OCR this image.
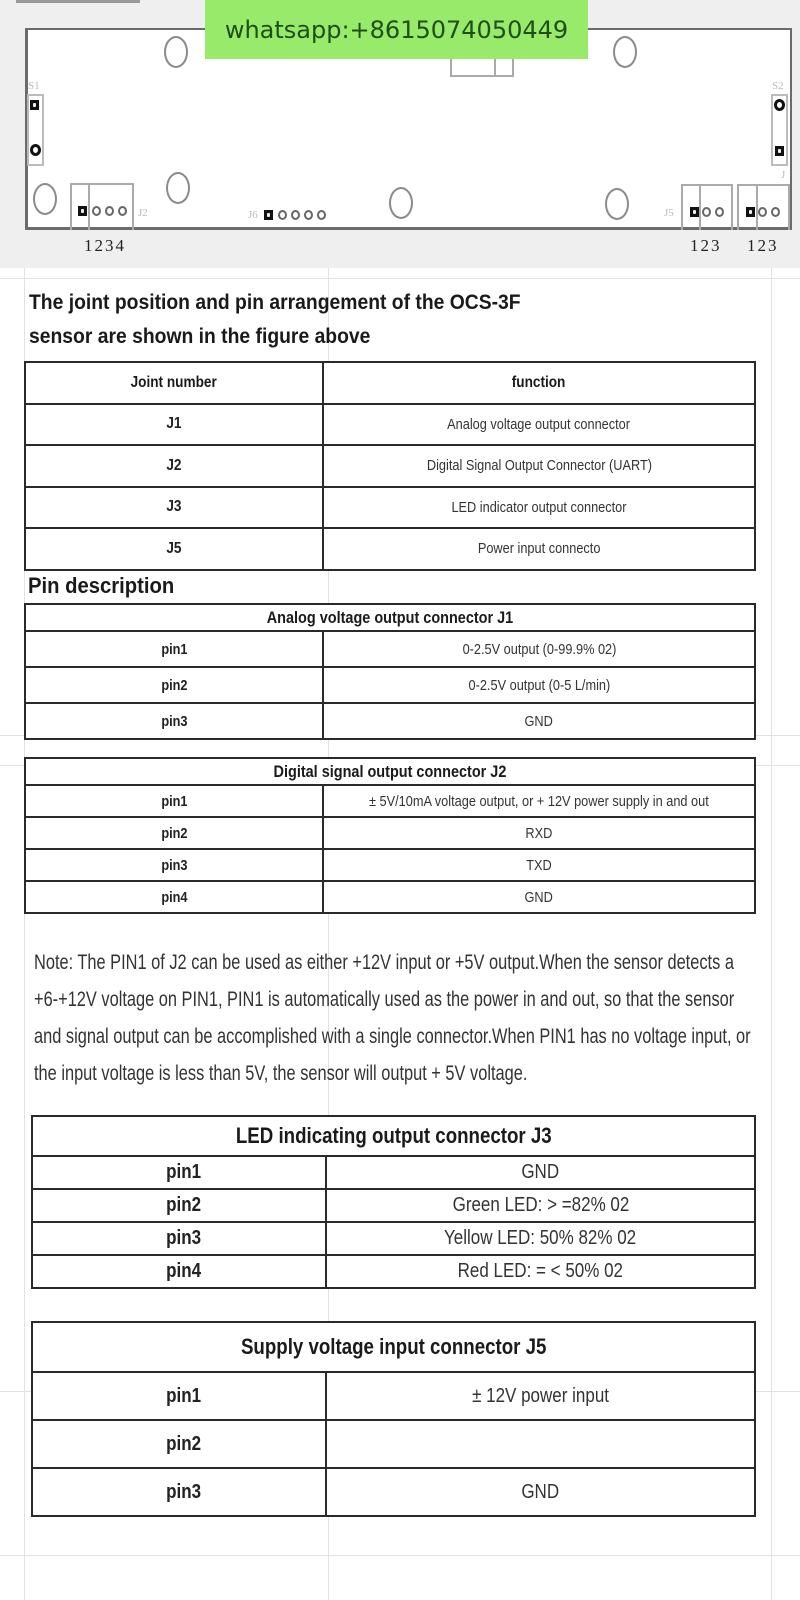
S1	S2
J
J2
1234
J6	J5
123 123
whatsapp:+8615074050449
The joint position and pin arrangement of the OCS-3F
sensor are shown in the figure above
Joint number	function
J1	Analog voltage output connector
J2	Digital Signal Output Connector (UART)
J3	LED indicator output connector
J5	Power input connecto
Pin description
Analog voltage output connector J1	
pin1	0-2.5V output (0-99.9% 02)
pin2	0-2.5V output (0-5 L/min)
pin3	GND
Digital signal output connector J2	
pin1	± 5V/10mA voltage output, or + 12V power supply in and out
pin2	RXD
pin3	TXD
pin4	GND
Note: The PIN1 of J2 can be used as either +12V input or +5V output.When the sensor detects a
+6-+12V voltage on PIN1, PIN1 is automatically used as the power in and out, so that the sensor
and signal output can be accomplished with a single connector.When PIN1 has no voltage input, or
the input voltage is less than 5V, the sensor will output + 5V voltage.
LED indicating output connector J3	
pin1	GND
pin2	Green LED: > =82% 02
pin3	Yellow LED: 50% 82% 02
pin4	Red LED: = < 50% 02
Supply voltage input connector J5	
pin1	± 12V power input
pin2	
pin3	GND
